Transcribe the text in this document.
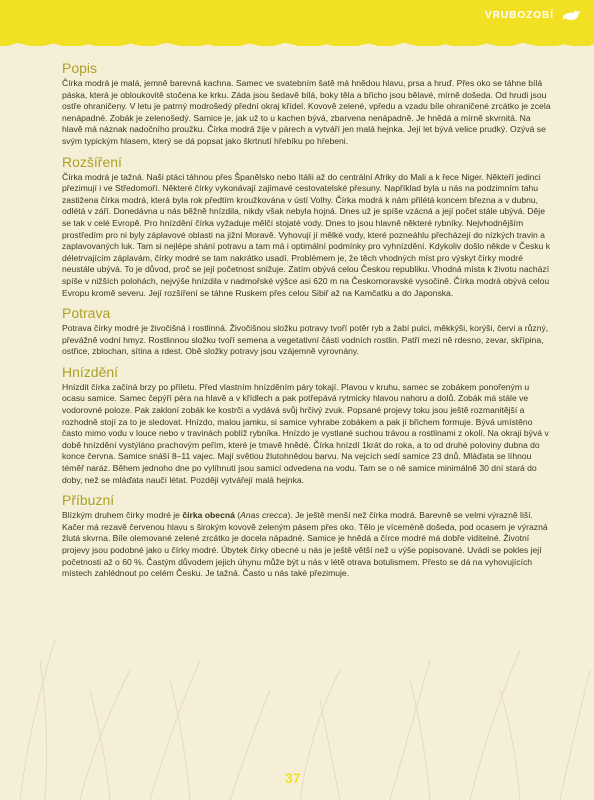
VRUBOZOBÍ
Popis

Čírka modrá je malá, jemně barevná kachna. Samec ve svatebním šatě má hnědou hlavu, prsa a hruď. Přes oko se táhne bílá páska, která je obloukovitě stočena ke krku. Záda jsou šedavě bílá, boky těla a břicho jsou bělavé, mírně došeda. Od hrudi jsou ostře ohraničeny. V letu je patrný modrošedý přední okraj křídel. Kovově zelené, vpředu a vzadu bíle ohraničené zrcátko je zcela nenápadné. Zobák je zelenošedý. Samice je, jak už to u kachen bývá, zbarvena nenápadně. Je hnědá a mírně skvrnitá. Na hlavě má náznak nadočního proužku. Čírka modrá žije v párech a vytváří jen malá hejnka. Její let bývá velice prudký. Ozývá se svým typickým hlasem, který se dá popsat jako škrtnutí hřebíku po hřebeni.

Rozšíření

Čírka modrá je tažná. Naši ptáci táhnou přes Španělsko nebo Itálii až do centrální Afriky do Mali a k řece Niger. Někteří jedinci přezimují i ve Středomoří. Některé čírky vykonávají zajímavé cestovatelské přesuny. Například byla u nás na podzimním tahu zastižena čírka modrá, která byla rok předtím kroužkována v ústí Volhy. Čírka modrá k nám přilétá koncem března a v dubnu, odlétá v září. Donedávna u nás běžně hnízdila, nikdy však nebyla hojná. Dnes už je spíše vzácná a její počet stále ubývá. Děje se tak v celé Evropě. Pro hnízdění čírka vyžaduje mělčí stojaté vody. Dnes to jsou hlavně některé rybníky. Nejvhodnějším prostředím pro ni byly záplavové oblasti na jižní Moravě. Vyhovují jí mělké vody, které pozneáhlu přecházejí do nízkých travin a zaplavovaných luk. Tam si nejlépe shání potravu a tam má i optimální podmínky pro vyhnízdění. Kdykoliv došlo někde v Česku k déletrvajícím záplavám, čírky modré se tam nakrátko usadí. Problémem je, že těch vhodných míst pro výskyt čírky modré neustále ubývá. To je důvod, proč se její početnost snižuje. Zatím obývá celou Českou republiku. Vhodná místa k životu nachází spíše v nižších polohách, nejvýše hnízdila v nadmořské výšce asi 620 m na Českomoravské vysočině. Čírka modrá obývá celou Evropu kromě severu. Její rozšíření se táhne Ruskem přes celou Sibiř až na Kamčatku a do Japonska.

Potrava

Potrava čírky modré je živočišná i rostlinná. Živočišnou složku potravy tvoří potěr ryb a žabí pulci, měkkýši, korýši, červi a různý, převážně vodní hmyz. Rostlinnou složku tvoří semena a vegetativní části vodních rostlin. Patří mezi ně rdesno, zevar, skřípina, ostřice, zblochan, sítina a rdest. Obě složky potravy jsou vzájemně vyrovnány.

Hnízdění

Hnízdit čírka začíná brzy po příletu. Před vlastním hnízděním páry tokají. Plavou v kruhu, samec se zobákem ponořeným u ocasu samice. Samec čepýří péra na hlavě a v křídlech a pak potřepává rytmicky hlavou nahoru a dolů. Zobák má stále ve vodorovné poloze. Pak zakloní zobák ke kostrči a vydává svůj hrčivý zvuk. Popsané projevy toku jsou ještě rozmanitější a rozhodně stojí za to je sledovat. Hnízdo, malou jamku, si samice vyhrabe zobákem a pak jí břichem formuje. Bývá umístěno často mimo vodu v louce nebo v travinách poblíž rybníka. Hnízdo je vystlané suchou trávou a rostlinami z okolí. Na okraji bývá v době hnízdění vystýláno prachovým peřím, které je tmavě hnědé. Čírka hnízdí 1krát do roka, a to od druhé poloviny dubna do konce června. Samice snáší 8–11 vajec. Mají světlou žlutohnědou barvu. Na vejcích sedí samice 23 dnů. Mláďata se líhnou téměř naráz. Během jednoho dne po vylíhnutí jsou samicí odvedena na vodu. Tam se o ně samice minimálně 30 dní stará do doby, než se mláďata naučí létat. Později vytvářejí malá hejnka.

Příbuzní

Blízkým druhem čírky modré je čírka obecná (Anas crecca). Je ještě menší než čírka modrá. Barevně se velmi výrazně liší. Kačer má rezavě červenou hlavu s širokým kovově zeleným pásem přes oko. Tělo je víceméně došeda, pod ocasem je výrazná žlutá skvrna. Bíle olemované zelené zrcátko je docela nápadné. Samice je hnědá a čírce modré má dobře viditelné. Životní projevy jsou podobné jako u čírky modré. Úbytek čírky obecné u nás je ještě větší než u výše popisované. Uvádí se pokles její početnosti až o 60 %. Častým důvodem jejich úhynu může být u nás v létě otrava botulismem. Přesto se dá na vyhovujících místech zahlédnout po celém Česku. Je tažná. Často u nás také přezimuje.

37
